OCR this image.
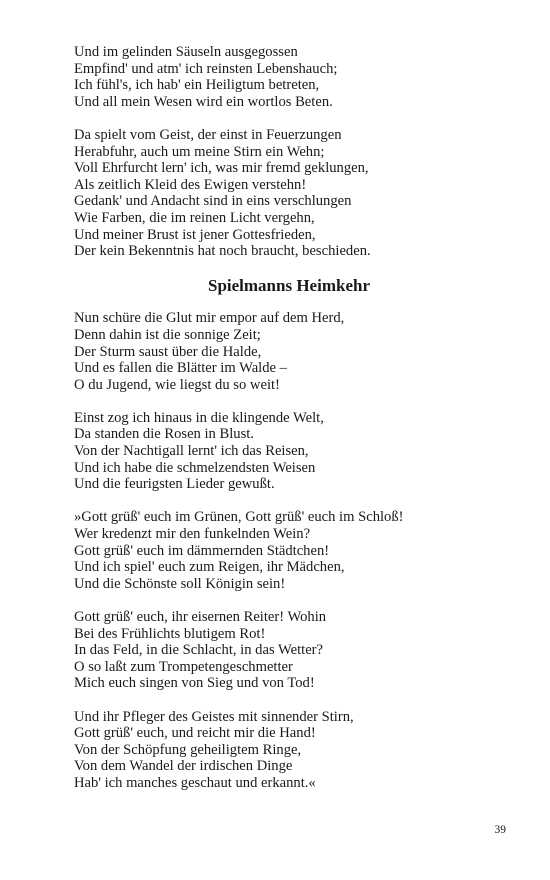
Und im gelinden Säuseln ausgegossen
Empfind' und atm' ich reinsten Lebenshauch;
Ich fühl's, ich hab' ein Heiligtum betreten,
Und all mein Wesen wird ein wortlos Beten.
Da spielt vom Geist, der einst in Feuerzungen
Herabfuhr, auch um meine Stirn ein Wehn;
Voll Ehrfurcht lern' ich, was mir fremd geklungen,
Als zeitlich Kleid des Ewigen verstehn!
Gedank' und Andacht sind in eins verschlungen
Wie Farben, die im reinen Licht vergehn,
Und meiner Brust ist jener Gottesfrieden,
Der kein Bekenntnis hat noch braucht, beschieden.
Spielmanns Heimkehr
Nun schüre die Glut mir empor auf dem Herd,
Denn dahin ist die sonnige Zeit;
Der Sturm saust über die Halde,
Und es fallen die Blätter im Walde –
O du Jugend, wie liegst du so weit!
Einst zog ich hinaus in die klingende Welt,
Da standen die Rosen in Blust.
Von der Nachtigall lernt' ich das Reisen,
Und ich habe die schmelzendsten Weisen
Und die feurigsten Lieder gewußt.
»Gott grüß' euch im Grünen, Gott grüß' euch im Schloß!
Wer kredenzt mir den funkelnden Wein?
Gott grüß' euch im dämmernden Städtchen!
Und ich spiel' euch zum Reigen, ihr Mädchen,
Und die Schönste soll Königin sein!
Gott grüß' euch, ihr eisernen Reiter! Wohin
Bei des Frühlichts blutigem Rot!
In das Feld, in die Schlacht, in das Wetter?
O so laßt zum Trompetengeschmetter
Mich euch singen von Sieg und von Tod!
Und ihr Pfleger des Geistes mit sinnender Stirn,
Gott grüß' euch, und reicht mir die Hand!
Von der Schöpfung geheiligtem Ringe,
Von dem Wandel der irdischen Dinge
Hab' ich manches geschaut und erkannt.«
39
